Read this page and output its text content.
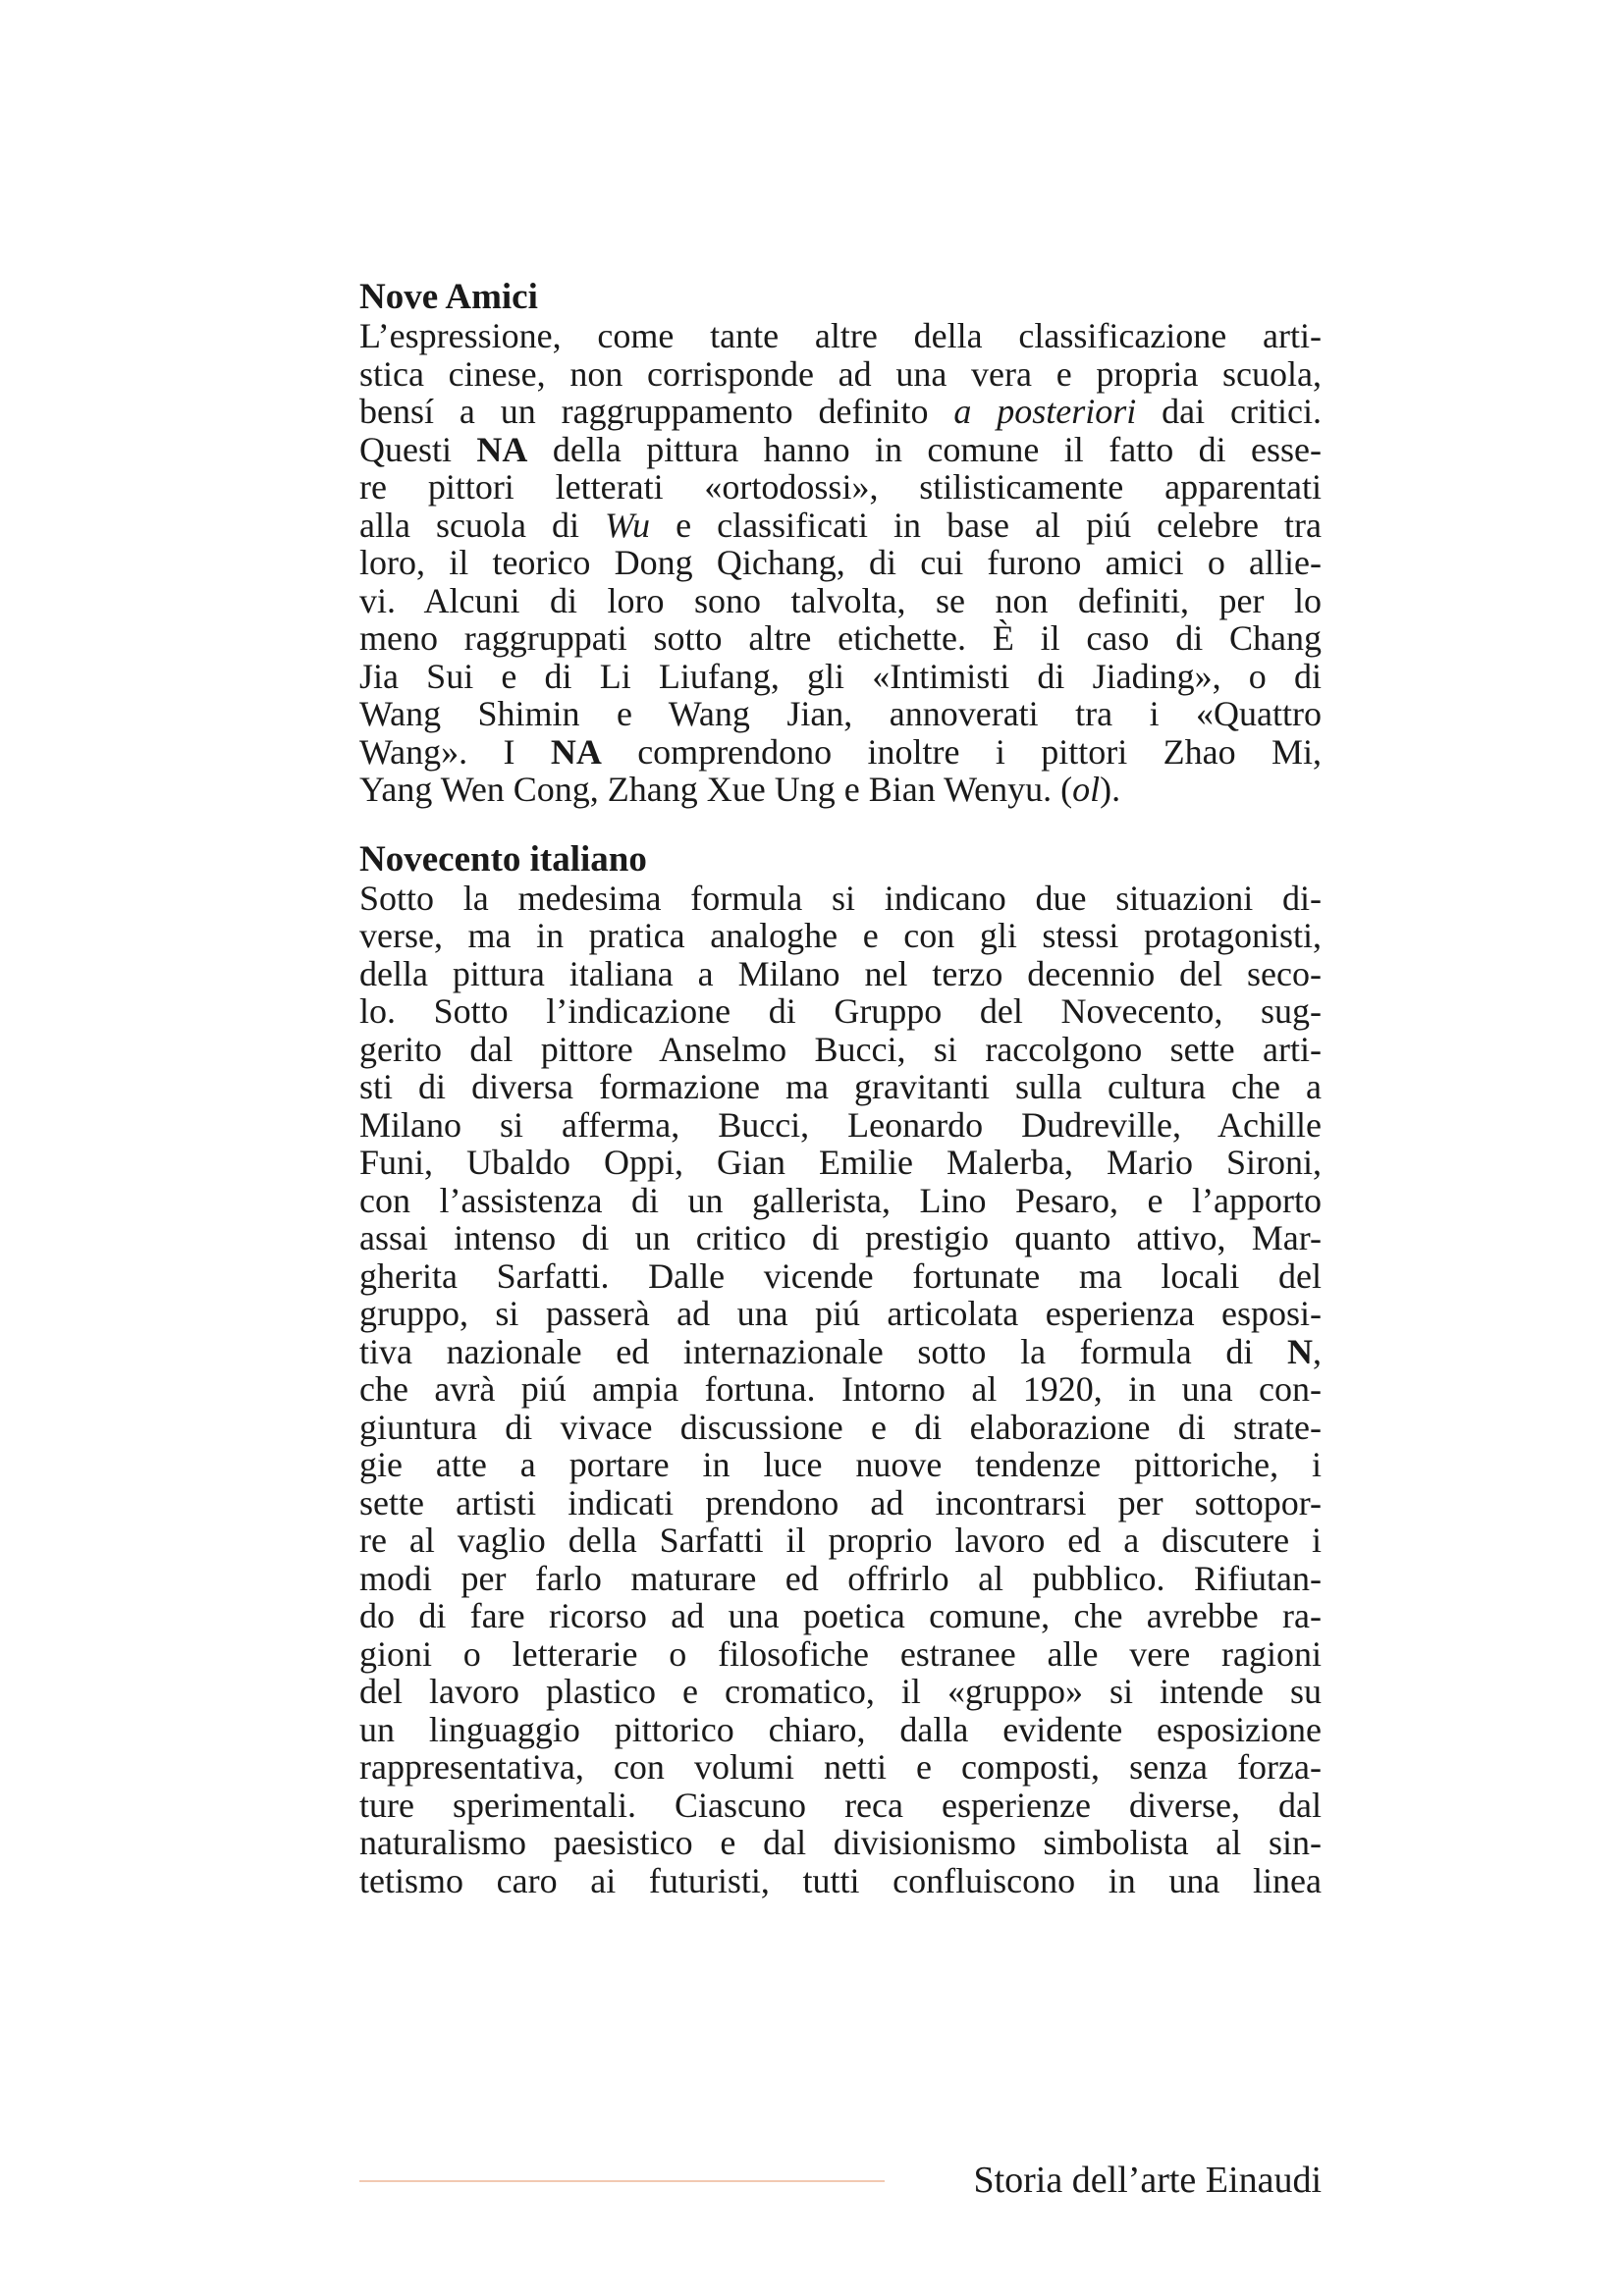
Nove Amici
L’espressione, come tante altre della classificazione arti-
stica cinese, non corrisponde ad una vera e propria scuola,
bensí a un raggruppamento definito a posteriori dai critici.
Questi NA della pittura hanno in comune il fatto di esse-
re pittori letterati «ortodossi», stilisticamente apparentati
alla scuola di Wu e classificati in base al piú celebre tra
loro, il teorico Dong Qichang, di cui furono amici o allie-
vi. Alcuni di loro sono talvolta, se non definiti, per lo
meno raggruppati sotto altre etichette. È il caso di Chang
Jia Sui e di Li Liufang, gli «Intimisti di Jiading», o di
Wang Shimin e Wang Jian, annoverati tra i «Quattro
Wang». I NA comprendono inoltre i pittori Zhao Mi,
Yang Wen Cong, Zhang Xue Ung e Bian Wenyu. (ol).
Novecento italiano
Sotto la medesima formula si indicano due situazioni di-
verse, ma in pratica analoghe e con gli stessi protagonisti,
della pittura italiana a Milano nel terzo decennio del seco-
lo. Sotto l’indicazione di Gruppo del Novecento, sug-
gerito dal pittore Anselmo Bucci, si raccolgono sette arti-
sti di diversa formazione ma gravitanti sulla cultura che a
Milano si afferma, Bucci, Leonardo Dudreville, Achille
Funi, Ubaldo Oppi, Gian Emilie Malerba, Mario Sironi,
con l’assistenza di un gallerista, Lino Pesaro, e l’apporto
assai intenso di un critico di prestigio quanto attivo, Mar-
gherita Sarfatti. Dalle vicende fortunate ma locali del
gruppo, si passerà ad una piú articolata esperienza esposi-
tiva nazionale ed internazionale sotto la formula di N,
che avrà piú ampia fortuna. Intorno al 1920, in una con-
giuntura di vivace discussione e di elaborazione di strate-
gie atte a portare in luce nuove tendenze pittoriche, i
sette artisti indicati prendono ad incontrarsi per sottopor-
re al vaglio della Sarfatti il proprio lavoro ed a discutere i
modi per farlo maturare ed offrirlo al pubblico. Rifiutan-
do di fare ricorso ad una poetica comune, che avrebbe ra-
gioni o letterarie o filosofiche estranee alle vere ragioni
del lavoro plastico e cromatico, il «gruppo» si intende su
un linguaggio pittorico chiaro, dalla evidente esposizione
rappresentativa, con volumi netti e composti, senza forza-
ture sperimentali. Ciascuno reca esperienze diverse, dal
naturalismo paesistico e dal divisionismo simbolista al sin-
tetismo caro ai futuristi, tutti confluiscono in una linea
Storia dell’arte Einaudi
